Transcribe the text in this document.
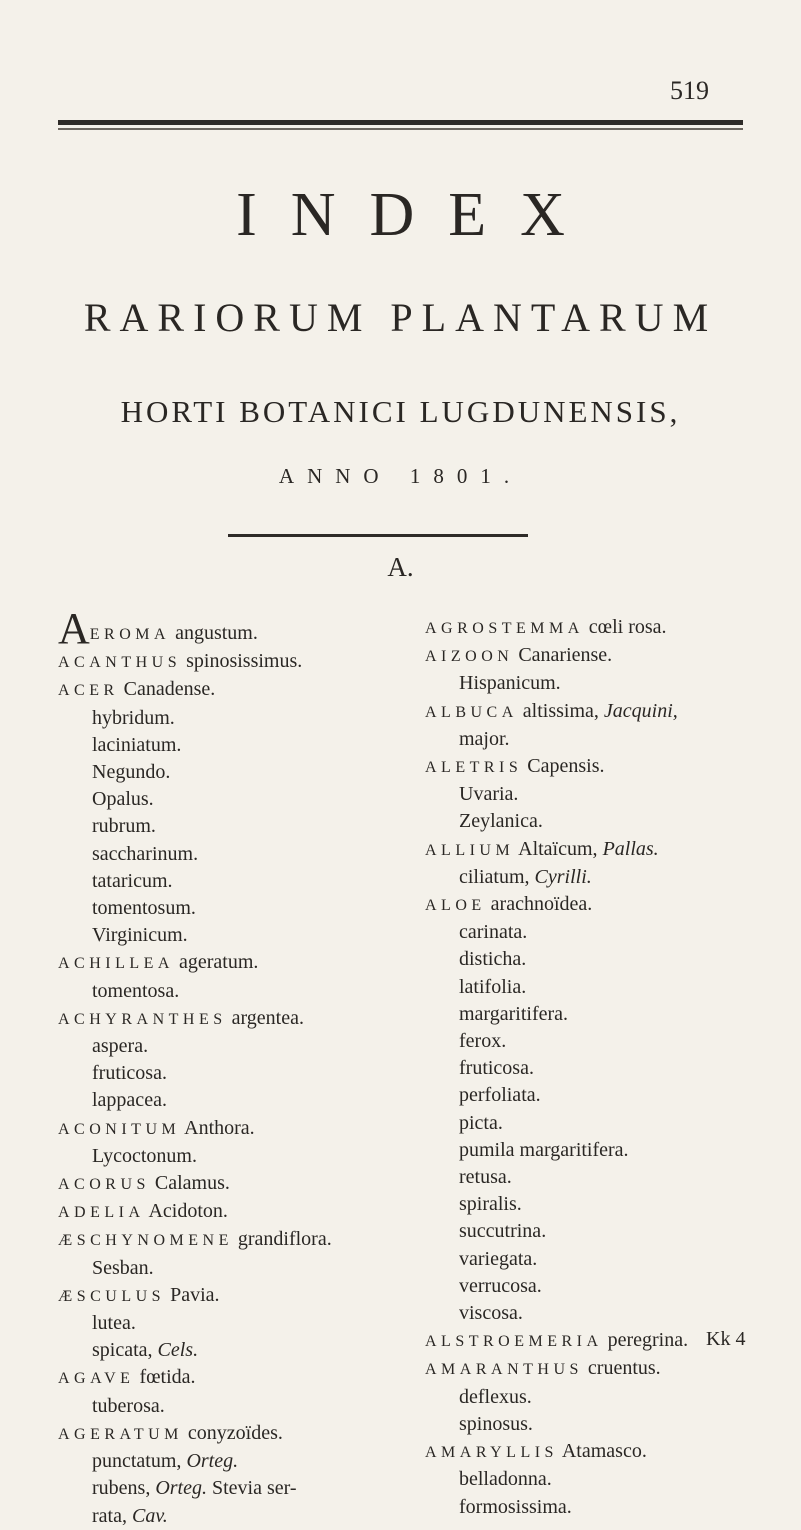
519
INDEX
RARIORUM PLANTARUM
HORTI BOTANICI LUGDUNENSIS,
ANNO 1801.
A.
AEROMA angustum.
ACANTHUS spinosissimus.
ACER Canadense.
hybridum.
laciniatum.
Negundo.
Opalus.
rubrum.
saccharinum.
tataricum.
tomentosum.
Virginicum.
ACHILLEA ageratum.
tomentosa.
ACHYRANTHES argentea.
aspera.
fruticosa.
lappacea.
ACONITUM Anthora.
Lycoctonum.
ACORUS Calamus.
ADELIA Acidoton.
ÆSCHYNOMENE grandiflora.
Sesban.
ÆSCULUS Pavia.
lutea.
spicata, Cels.
AGAVE fœtida.
tuberosa.
AGERATUM conyzoïdes.
punctatum, Orteg.
rubens, Orteg. Stevia ser-
rata, Cav.
AGROSTEMMA cœli rosa.
AIZOON Canariense.
Hispanicum.
ALBUCA altissima, Jacquini,
major.
ALETRIS Capensis.
Uvaria.
Zeylanica.
ALLIUM Altaïcum, Pallas.
ciliatum, Cyrilli.
ALOE arachnoïdea.
carinata.
disticha.
latifolia.
margaritifera.
ferox.
fruticosa.
perfoliata.
picta.
pumila margaritifera.
retusa.
spiralis.
succutrina.
variegata.
verrucosa.
viscosa.
ALSTROEMERIA peregrina.
AMARANTHUS cruentus.
deflexus.
spinosus.
AMARYLLIS Atamasco.
belladonna.
formosissima.
Kk 4
